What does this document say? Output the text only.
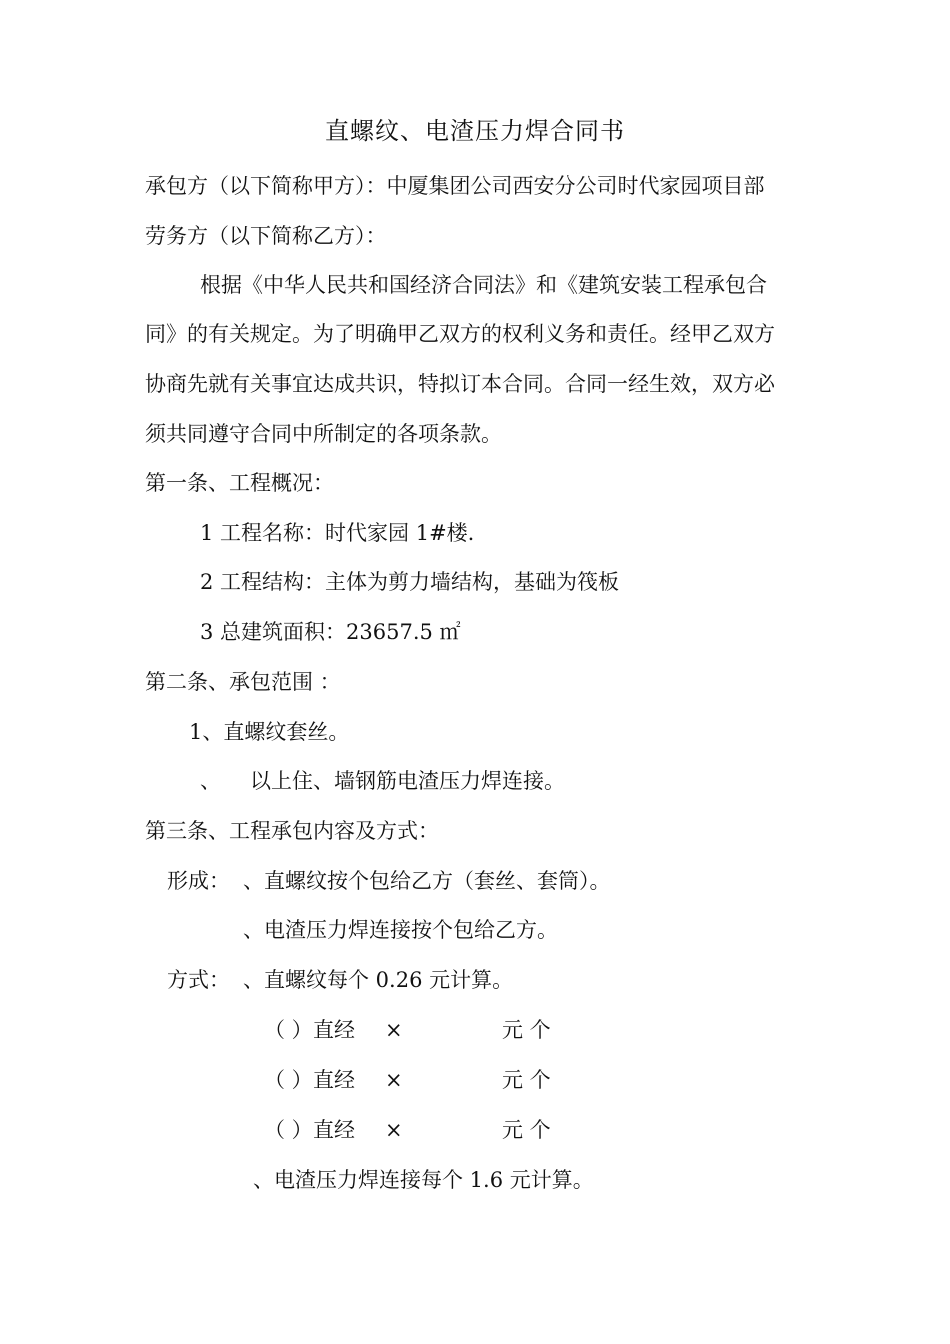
直螺纹、电渣压力焊合同书
承包方（以下简称甲方）：中厦集团公司西安分公司时代家园项目部
劳务方（以下简称乙方）：
根据《中华人民共和国经济合同法》和《建筑安装工程承包合
同》的有关规定。为了明确甲乙双方的权利义务和责任。经甲乙双方
协商先就有关事宜达成共识，特拟订本合同。合同一经生效，双方必
须共同遵守合同中所制定的各项条款。
第一条、工程概况：
1 工程名称：时代家园 1#楼.
2 工程结构：主体为剪力墙结构，基础为筏板
3 总建筑面积：23657.5 ㎡
第二条、承包范围 ：
1、直螺纹套丝。
、 以上住、墙钢筋电渣压力焊连接。
第三条、工程承包内容及方式：
形成： 、直螺纹按个包给乙方（套丝、套筒）。
、电渣压力焊连接按个包给乙方。
方式： 、直螺纹每个 0.26 元计算。
（ ） 直经 ×	元 个
（ ） 直经 ×	元 个
（ ） 直经 ×	元 个
、电渣压力焊连接每个 1.6 元计算。
